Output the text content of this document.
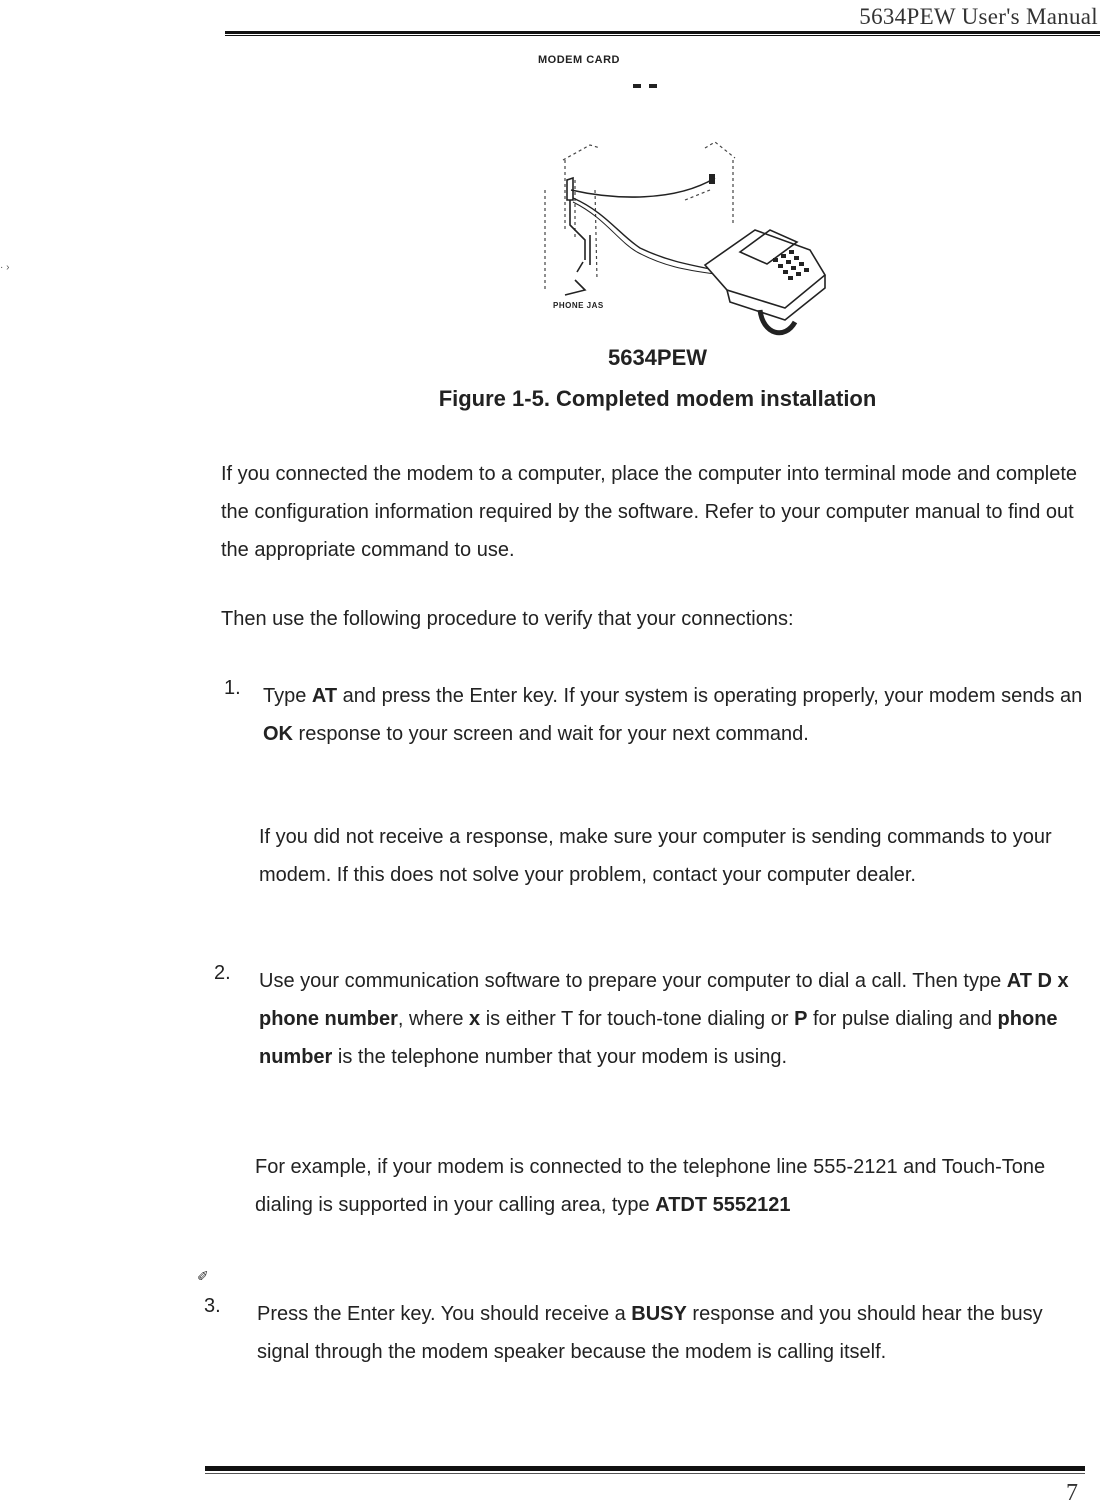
5634PEW User's Manual
· ›
MODEM CARD
PHONE JAS
5634PEW
Figure 1-5. Completed modem installation
If you connected the modem to a computer, place the computer into terminal mode and complete the configuration information required by the software. Refer to your computer manual to find out the appropriate command to use.
Then use the following procedure to verify that your connections:
1. Type AT and press the Enter key. If your system is operating properly, your modem sends an OK response to your screen and wait for your next command.
If you did not receive a response, make sure your computer is sending commands to your modem. If this does not solve your problem, contact your computer dealer.
2. Use your communication software to prepare your computer to dial a call. Then type AT D x phone number, where x is either T for touch-tone dialing or P for pulse dialing and phone number is the telephone number that your modem is using.
For example, if your modem is connected to the telephone line 555-2121 and Touch-Tone dialing is supported in your calling area, type ATDT 5552121
✐
3. Press the Enter key. You should receive a BUSY response and you should hear the busy signal through the modem speaker because the modem is calling itself.
7
